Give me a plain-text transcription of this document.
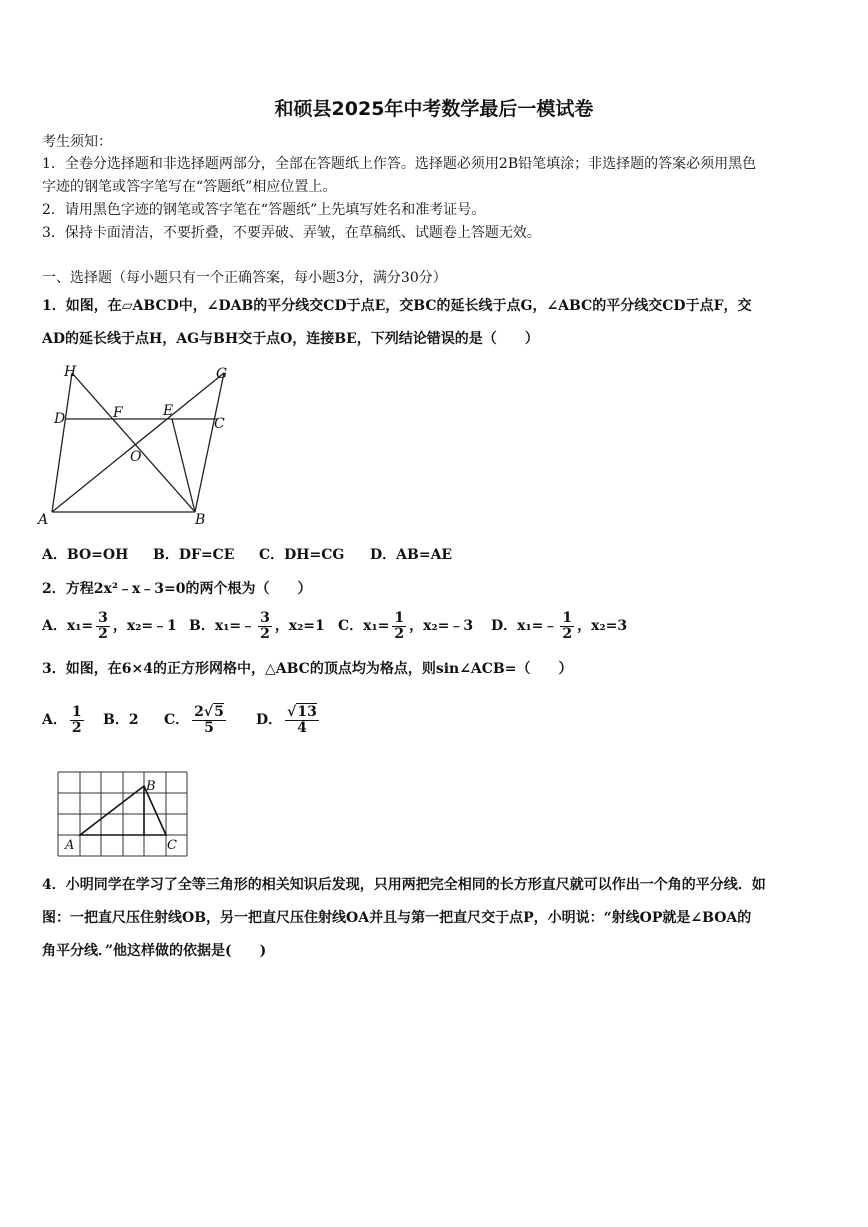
和硕县2025年中考数学最后一模试卷
考生须知：
1．全卷分选择题和非选择题两部分，全部在答题纸上作答。选择题必须用2B铅笔填涂；非选择题的答案必须用黑色
字迹的钢笔或答字笔写在“答题纸”相应位置上。
2．请用黑色字迹的钢笔或答字笔在“答题纸”上先填写姓名和准考证号。
3．保持卡面清洁，不要折叠，不要弄破、弄皱，在草稿纸、试题卷上答题无效。
一、选择题（每小题只有一个正确答案，每小题3分，满分30分）
1．如图，在▱ABCD中，∠DAB的平分线交CD于点E，交BC的延长线于点G，∠ABC的平分线交CD于点F，交
AD的延长线于点H，AG与BH交于点O，连接BE，下列结论错误的是（　　）
H	G
D	F	E
C
O
A	B
A．BO=OH B．DF=CE C．DH=CG D．AB=AE
2．方程2x²﹣x﹣3=0的两个根为（　　）
A．$x_1= \frac{3}{2}$ ，x₂=﹣1 B．x₁=﹣ $\frac{3}{2}$ ，x₂=1 C．$x_1= \frac{1}{2}$ ，x₂=﹣3 D．x₁=﹣ $\frac{1}{2}$ ，x₂=3
3．如图，在6×4的正方形网格中，△ABC的顶点均为格点，则sin∠ACB=（　　）
A． $\frac{1}{2}$ B．2 C． $\frac{2√5}{5}$ D． $\frac{√13}{4}$
A
B
C
4．小明同学在学习了全等三角形的相关知识后发现，只用两把完全相同的长方形直尺就可以作出一个角的平分线．如
图：一把直尺压住射线OB，另一把直尺压住射线OA并且与第一把直尺交于点P，小明说：“射线OP就是∠BOA的
角平分线．”他这样做的依据是(　　)
